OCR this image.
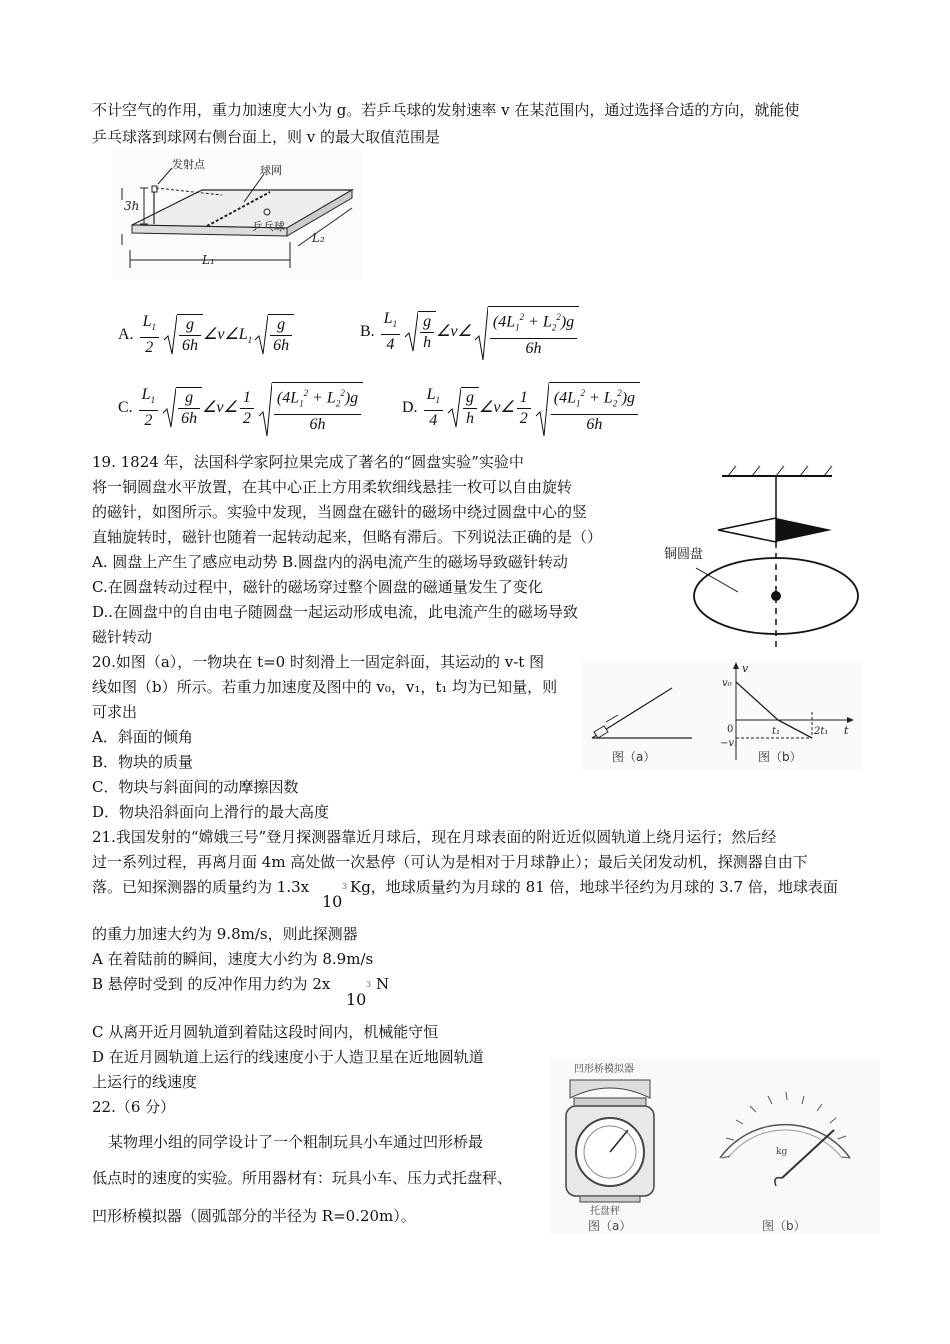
不计空气的作用，重力加速度大小为 g。若乒乓球的发射速率 v 在某范围内，通过选择合适的方向，就能使
乒乓球落到球网右侧台面上，则 v 的最大取值范围是
发射点	球网
乒乓球
3h
L₁
L₂
A. $\frac{L_1}{2} \frac{g}{6h}$ $\angle v\angle L_1 \frac{g}{6h}$	B. $\frac{L_1}{4} \frac{g}{h}$ ∠v∠ $\frac{(4L_1^2 + L_2^2)g}{6h}$
C. $\frac{L_1}{2} \frac{g}{6h}$ ∠v∠ $\frac{1}{2} \frac{(4L_1^2 + L_2^2)g}{6h}$	D. $\frac{L_1}{4} \frac{g}{h}$ ∠v∠ $\frac{1}{2} \frac{(4L_1^2 + L_2^2)g}{6h}$
19. 1824 年，法国科学家阿拉果完成了著名的“圆盘实验”实验中
将一铜圆盘水平放置，在其中心正上方用柔软细线悬挂一枚可以自由旋转
的磁针，如图所示。实验中发现，当圆盘在磁针的磁场中绕过圆盘中心的竖
直轴旋转时，磁针也随着一起转动起来，但略有滞后。下列说法正确的是（）
A. 圆盘上产生了感应电动势 B.圆盘内的涡电流产生的磁场导致磁针转动
C.在圆盘转动过程中，磁针的磁场穿过整个圆盘的磁通量发生了变化
D..在圆盘中的自由电子随圆盘一起运动形成电流，此电流产生的磁场导致
磁针转动
铜圆盘
20.如图（a），一物块在 t=0 时刻滑上一固定斜面，其运动的 v-t 图
线如图（b）所示。若重力加速度及图中的 v₀，v₁，t₁ 均为已知量，则
可求出
A．斜面的倾角
B．物块的质量
C．物块与斜面间的动摩擦因数
D．物块沿斜面向上滑行的最大高度
图（a）
v
t
v₀
0
−v₁
t₁	2t₁
图（b）
21.我国发射的“嫦娥三号”登月探测器靠近月球后，现在月球表面的附近近似圆轨道上绕月运行；然后经
过一系列过程，再离月面 4m 高处做一次悬停（可认为是相对于月球静止）；最后关闭发动机，探测器自由下
落。已知探测器的质量约为 1.3x
10
3 Kg，地球质量约为月球的 81 倍，地球半径约为月球的 3.7 倍，地球表面
的重力加速大约为 9.8m/s，则此探测器
A 在着陆前的瞬间，速度大小约为 8.9m/s
B 悬停时受到 的反冲作用力约为 2x
10
3 N
C 从离开近月圆轨道到着陆这段时间内，机械能守恒
D 在近月圆轨道上运行的线速度小于人造卫星在近地圆轨道
上运行的线速度
22.（6 分）
某物理小组的同学设计了一个粗制玩具小车通过凹形桥最
低点时的速度的实验。所用器材有：玩具小车、压力式托盘秤、
凹形桥模拟器（圆弧部分的半径为 R=0.20m）。
凹形桥模拟器
托盘秤
图（a）
kg
图（b）
